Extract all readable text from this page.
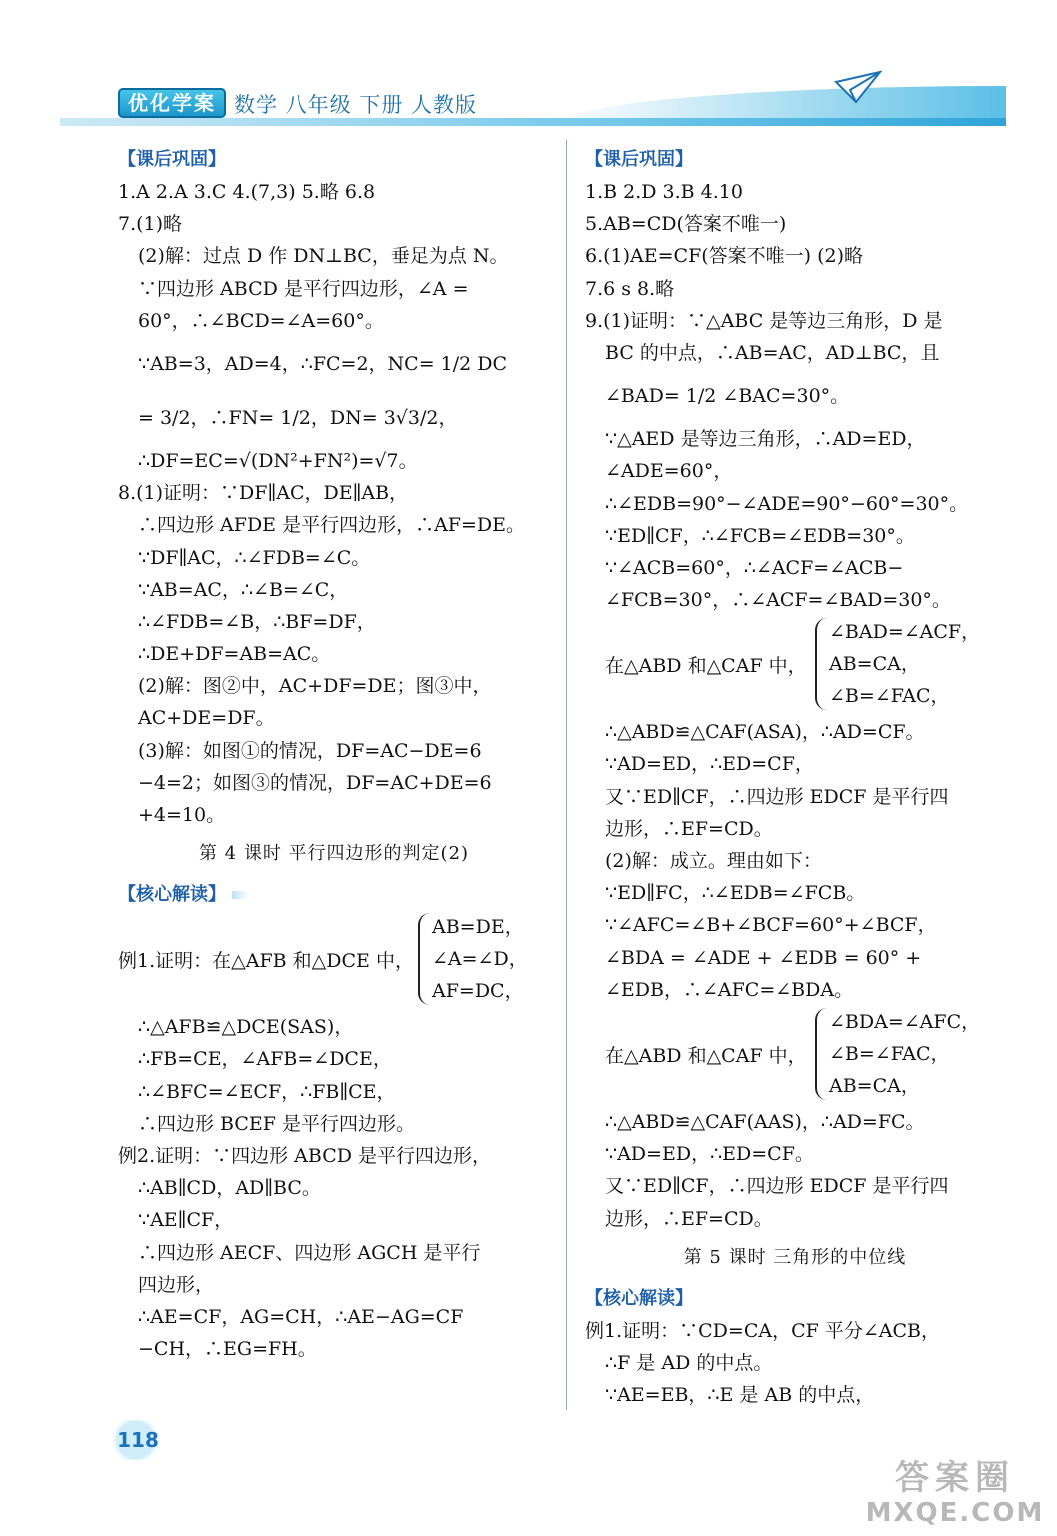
优化学案 数学 八年级 下册 人教版
【课后巩固】
1.A 2.A 3.C 4.(7,3) 5.略 6.8
7.(1)略
(2)解：过点 D 作 DN⊥BC，垂足为点 N。
∵四边形 ABCD 是平行四边形，∠A =
60°，∴∠BCD=∠A=60°。
∵AB=3，AD=4，∴FC=2，NC= 1/2 DC
= 3/2，∴FN= 1/2，DN= 3√3/2，
∴DF=EC=√(DN²+FN²)=√7。
8.(1)证明：∵DF∥AC，DE∥AB，
∴四边形 AFDE 是平行四边形，∴AF=DE。
∵DF∥AC，∴∠FDB=∠C。
∵AB=AC，∴∠B=∠C，
∴∠FDB=∠B，∴BF=DF，
∴DE+DF=AB=AC。
(2)解：图②中，AC+DF=DE；图③中，
AC+DE=DF。
(3)解：如图①的情况，DF=AC−DE=6
−4=2；如图③的情况，DF=AC+DE=6
+4=10。
第 4 课时 平行四边形的判定(2)
【核心解读】
例1.证明：在△AFB 和△DCE 中，
AB=DE，
∠A=∠D，
AF=DC，
∴△AFB≌△DCE(SAS)，
∴FB=CE，∠AFB=∠DCE，
∴∠BFC=∠ECF，∴FB∥CE，
∴四边形 BCEF 是平行四边形。
例2.证明：∵四边形 ABCD 是平行四边形，
∴AB∥CD，AD∥BC。
∵AE∥CF，
∴四边形 AECF、四边形 AGCH 是平行
四边形，
∴AE=CF，AG=CH，∴AE−AG=CF
−CH，∴EG=FH。
【课后巩固】
1.B 2.D 3.B 4.10
5.AB=CD(答案不唯一)
6.(1)AE=CF(答案不唯一) (2)略
7.6 s 8.略
9.(1)证明：∵△ABC 是等边三角形，D 是
BC 的中点，∴AB=AC，AD⊥BC，且
∠BAD= 1/2 ∠BAC=30°。
∵△AED 是等边三角形，∴AD=ED，
∠ADE=60°，
∴∠EDB=90°−∠ADE=90°−60°=30°。
∵ED∥CF，∴∠FCB=∠EDB=30°。
∵∠ACB=60°，∴∠ACF=∠ACB−
∠FCB=30°，∴∠ACF=∠BAD=30°。
在△ABD 和△CAF 中，
∠BAD=∠ACF，
AB=CA，
∠B=∠FAC，
∴△ABD≌△CAF(ASA)，∴AD=CF。
∵AD=ED，∴ED=CF，
又∵ED∥CF，∴四边形 EDCF 是平行四
边形，∴EF=CD。
(2)解：成立。理由如下：
∵ED∥FC，∴∠EDB=∠FCB。
∵∠AFC=∠B+∠BCF=60°+∠BCF，
∠BDA = ∠ADE + ∠EDB = 60° +
∠EDB，∴∠AFC=∠BDA。
在△ABD 和△CAF 中，
∠BDA=∠AFC，
∠B=∠FAC，
AB=CA，
∴△ABD≌△CAF(AAS)，∴AD=FC。
∵AD=ED，∴ED=CF。
又∵ED∥CF，∴四边形 EDCF 是平行四
边形，∴EF=CD。
第 5 课时 三角形的中位线
【核心解读】
例1.证明：∵CD=CA，CF 平分∠ACB，
∴F 是 AD 的中点。
∵AE=EB，∴E 是 AB 的中点，
118
答案圈
MXQE.COM
